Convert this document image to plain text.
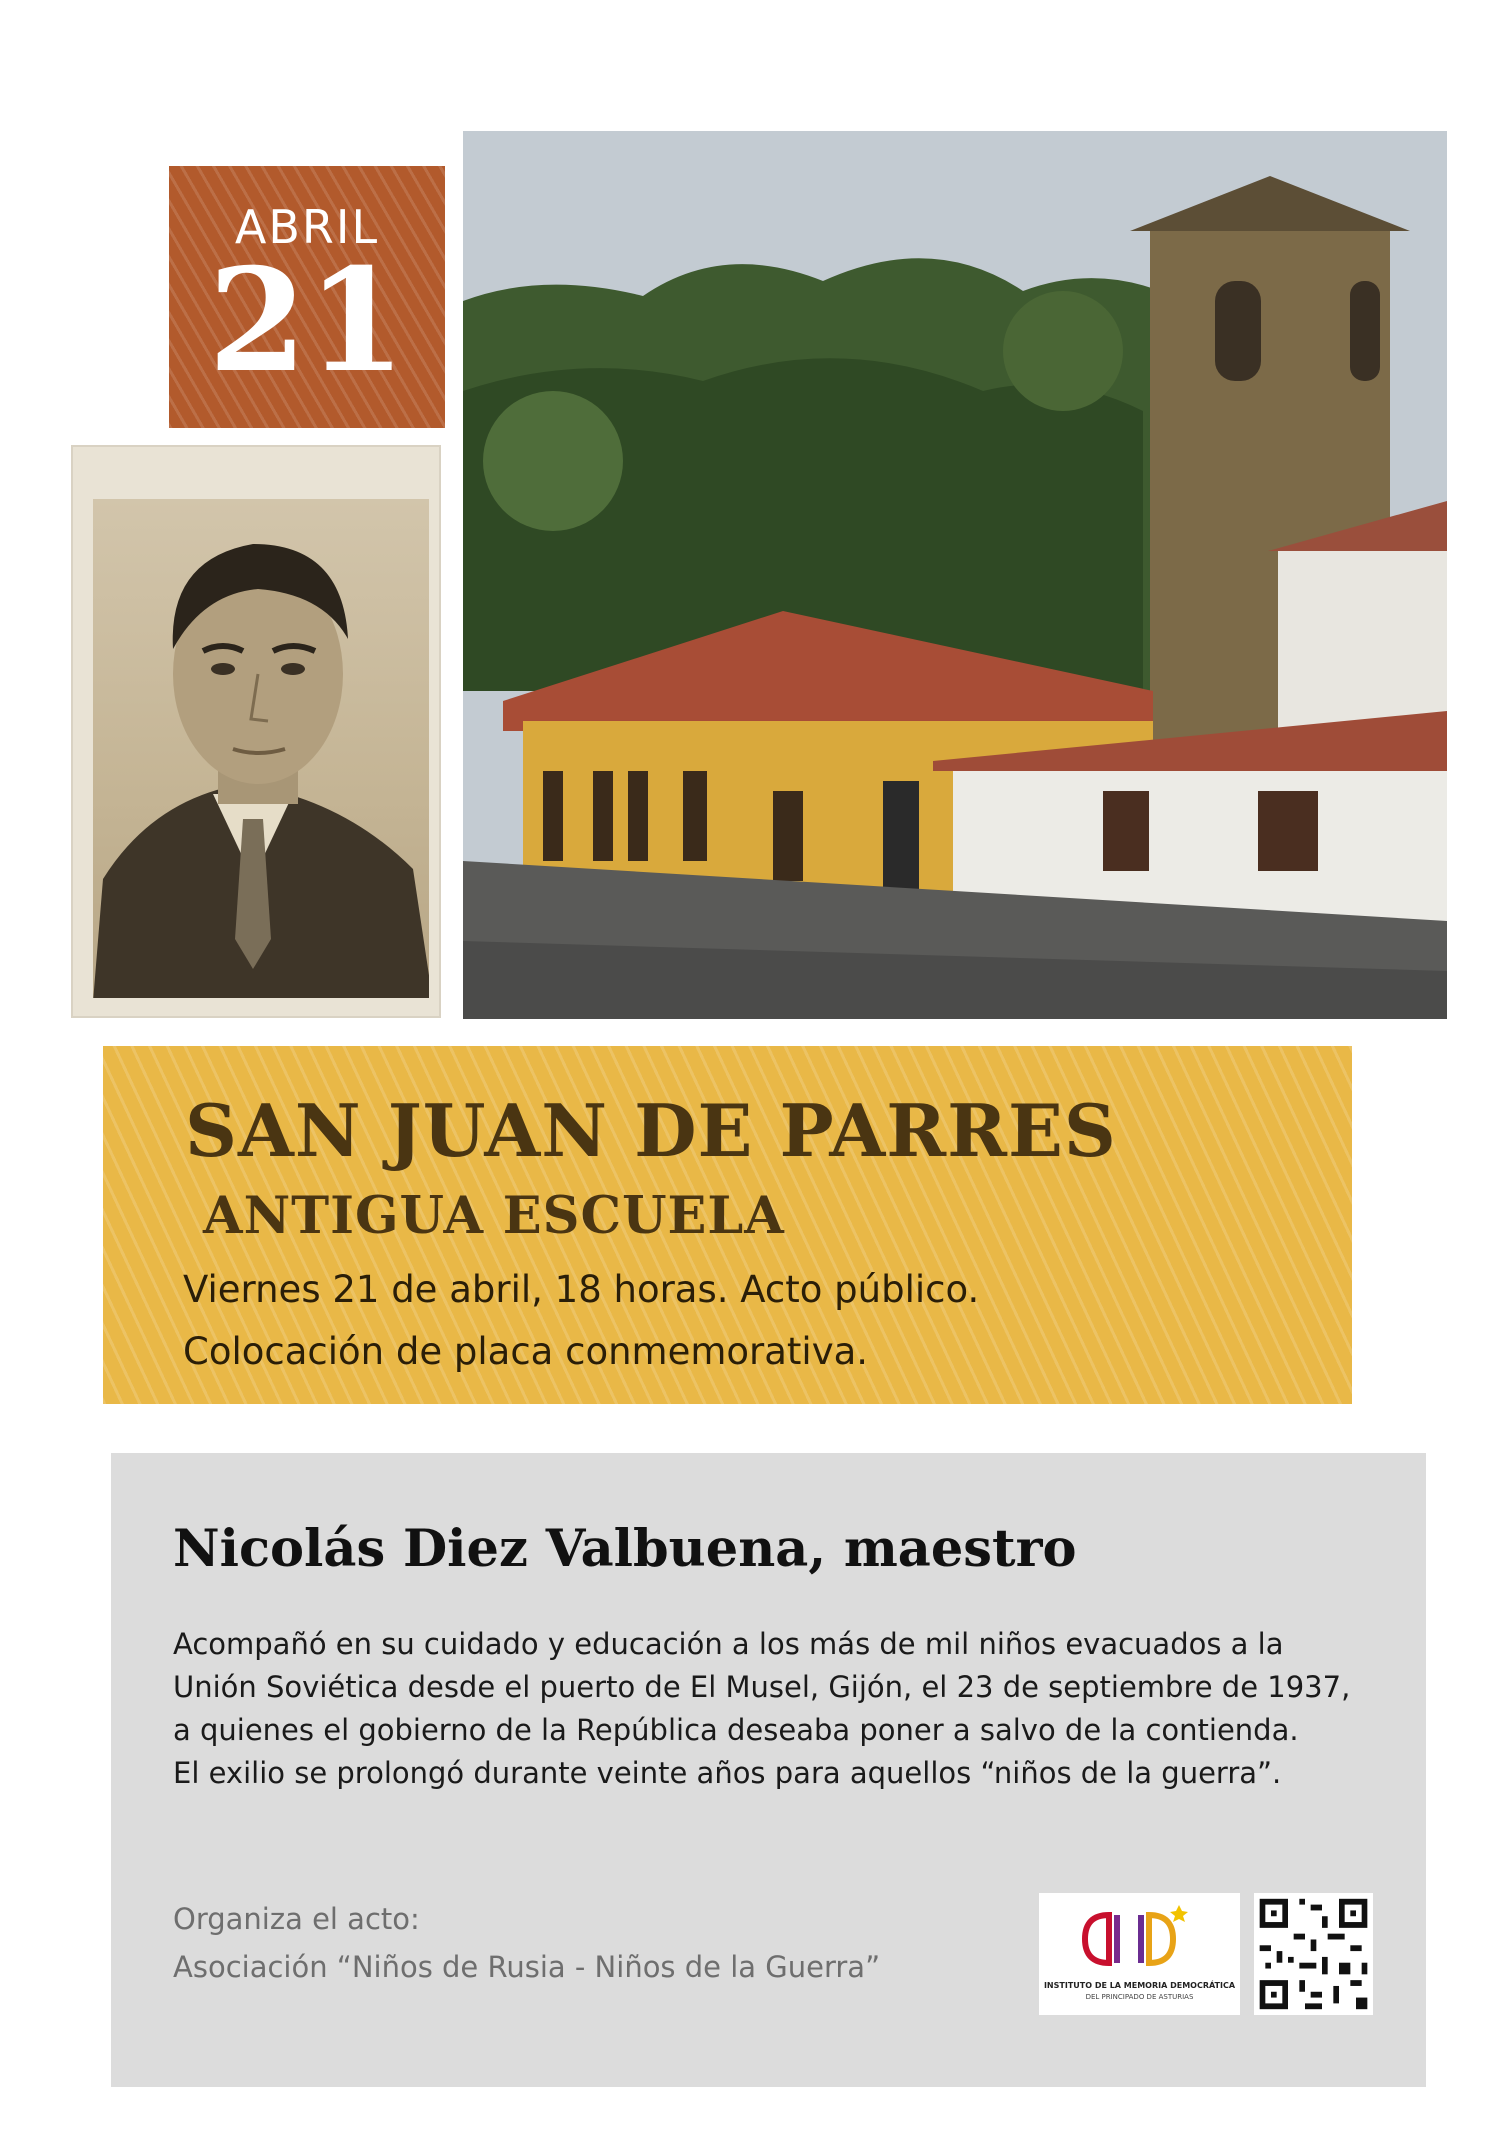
ABRIL
21
SAN JUAN DE PARRES
ANTIGUA ESCUELA
Viernes 21 de abril, 18 horas. Acto público.
Colocación de placa conmemorativa.
Nicolás Diez Valbuena, maestro

Acompañó en su cuidado y educación a los más de mil niños evacuados a la Unión Soviética desde el puerto de El Musel, Gijón, el 23 de septiembre de 1937, a quienes el gobierno de la República deseaba poner a salvo de la contienda.

El exilio se prolongó durante veinte años para aquellos “niños de la guerra”.

Organiza el acto:
Asociación “Niños de Rusia - Niños de la Guerra”
INSTITUTO DE LA MEMORIA DEMOCRÁTICA
DEL PRINCIPADO DE ASTURIAS
